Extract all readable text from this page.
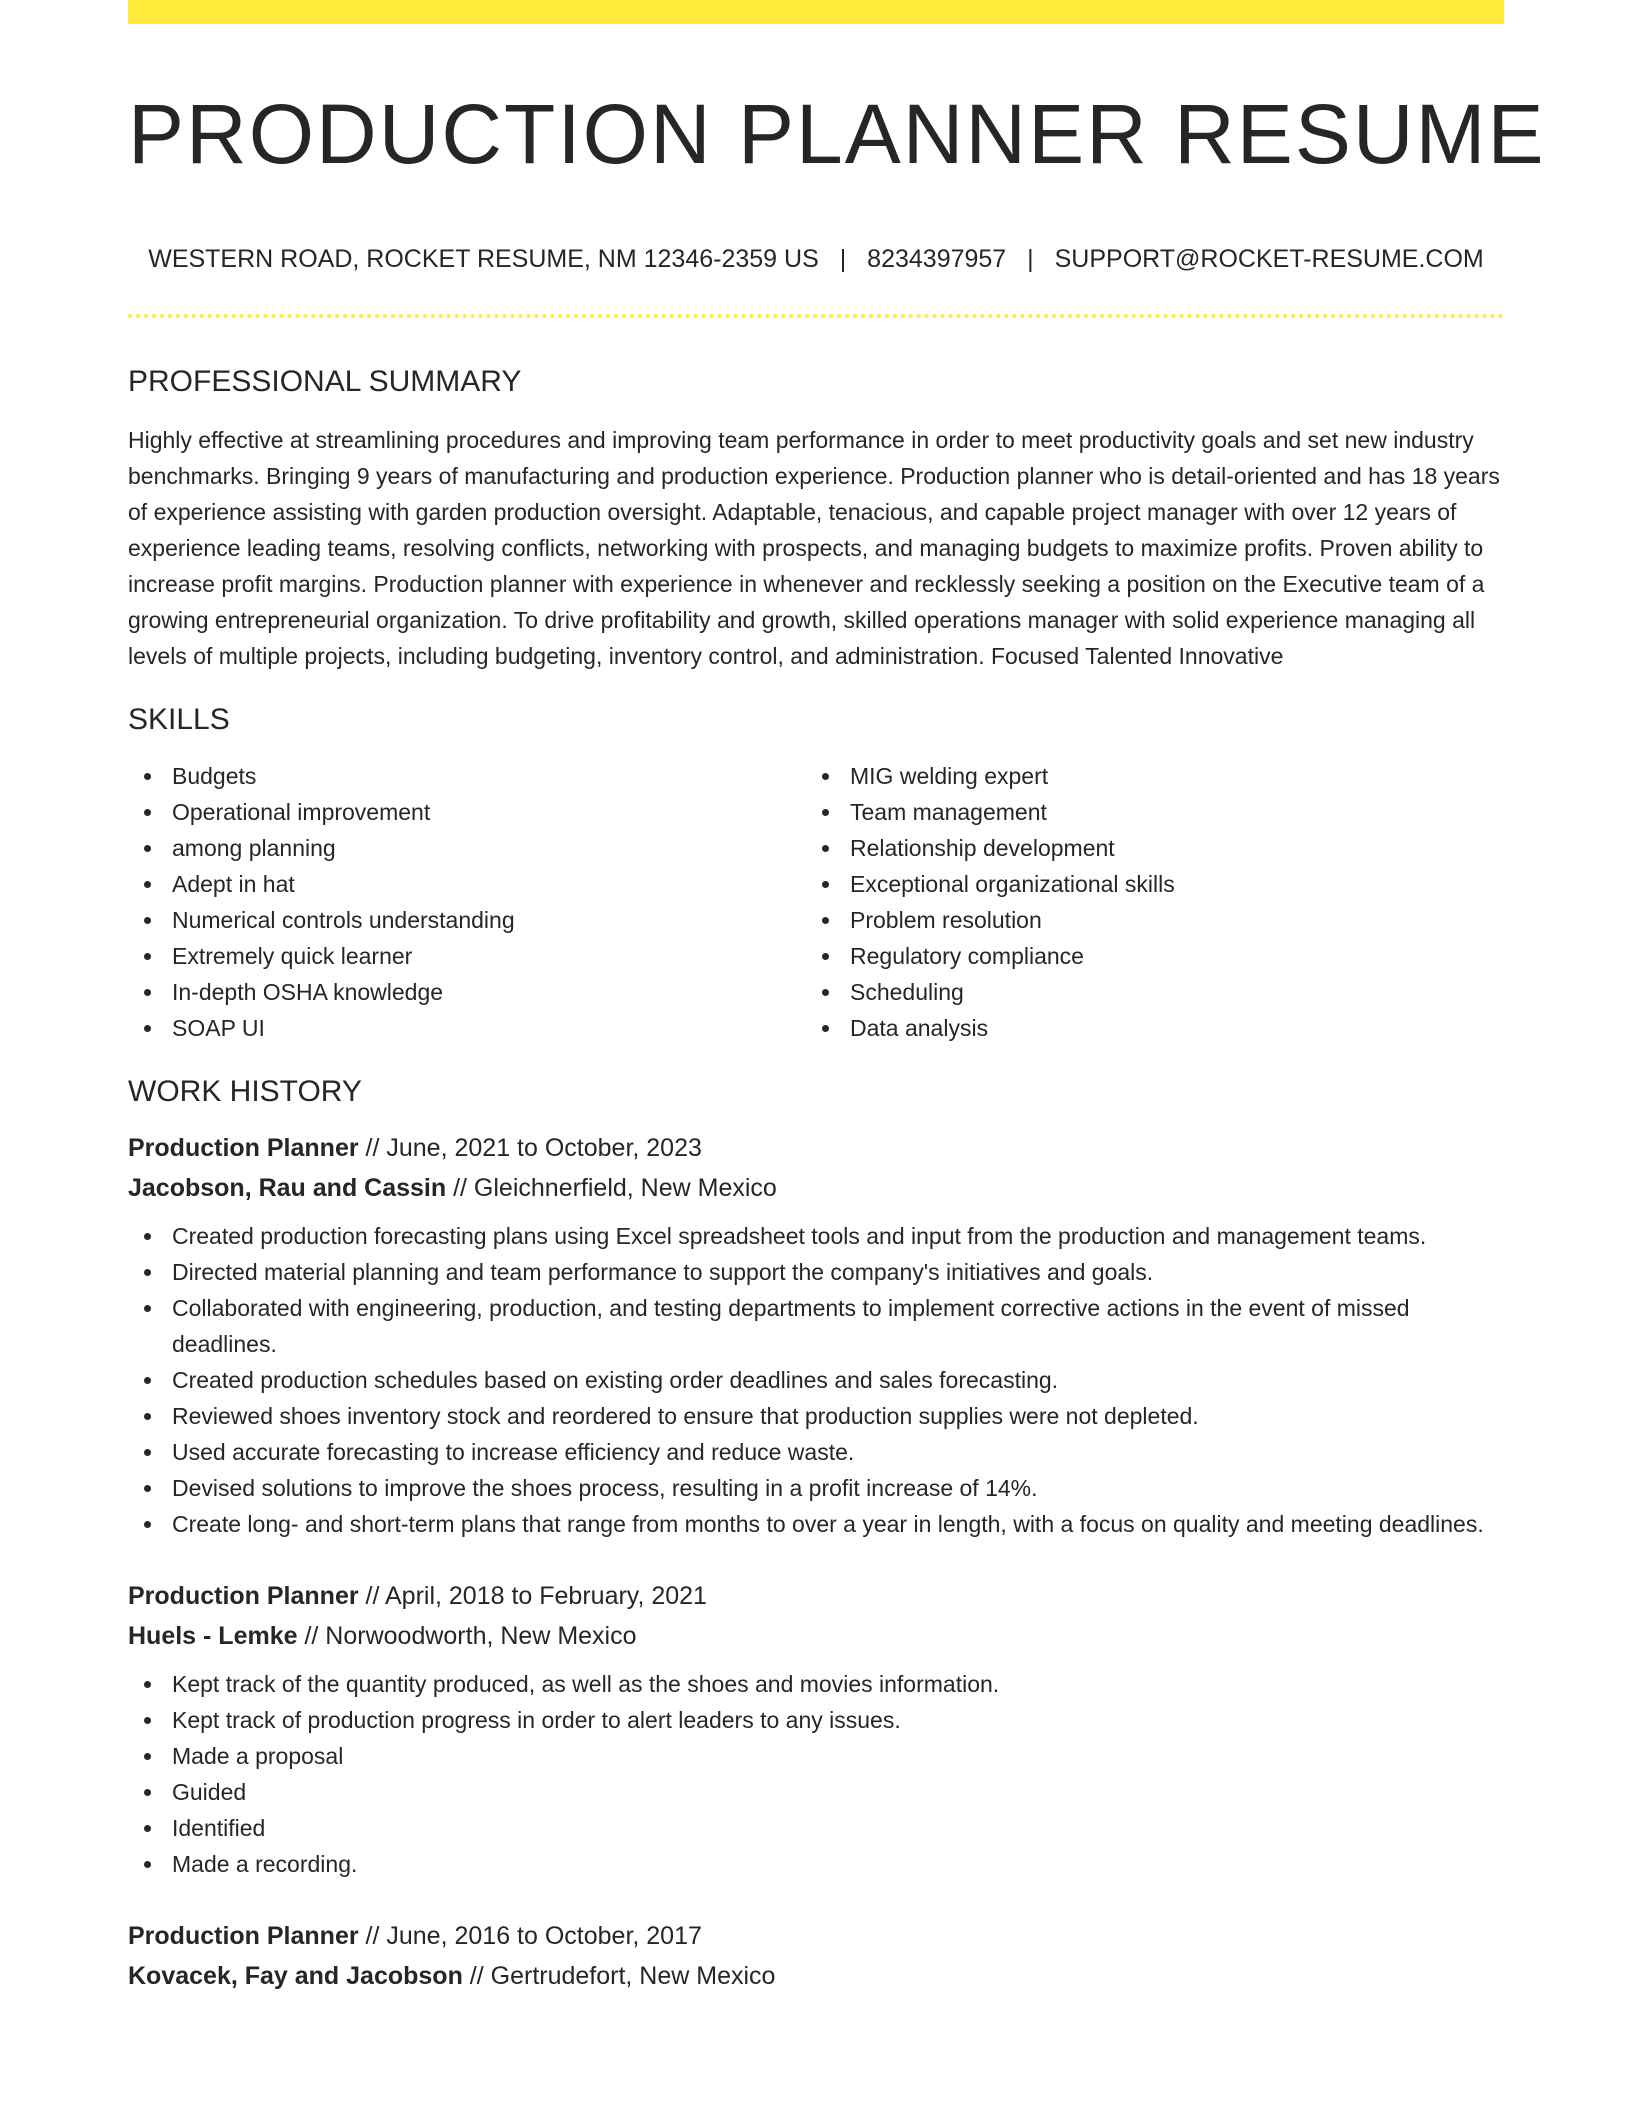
PRODUCTION PLANNER RESUME
WESTERN ROAD, ROCKET RESUME, NM 12346-2359 US | 8234397957 | SUPPORT@ROCKET-RESUME.COM
PROFESSIONAL SUMMARY

Highly effective at streamlining procedures and improving team performance in order to meet productivity goals and set new industry benchmarks. Bringing 9 years of manufacturing and production experience. Production planner who is detail-oriented and has 18 years of experience assisting with garden production oversight. Adaptable, tenacious, and capable project manager with over 12 years of experience leading teams, resolving conflicts, networking with prospects, and managing budgets to maximize profits. Proven ability to increase profit margins. Production planner with experience in whenever and recklessly seeking a position on the Executive team of a growing entrepreneurial organization. To drive profitability and growth, skilled operations manager with solid experience managing all levels of multiple projects, including budgeting, inventory control, and administration. Focused Talented Innovative

SKILLS
Budgets
Operational improvement
among planning
Adept in hat
Numerical controls understanding
Extremely quick learner
In-depth OSHA knowledge
SOAP UI
MIG welding expert
Team management
Relationship development
Exceptional organizational skills
Problem resolution
Regulatory compliance
Scheduling
Data analysis
WORK HISTORY
Production Planner // June, 2021 to October, 2023
Jacobson, Rau and Cassin // Gleichnerfield, New Mexico
Created production forecasting plans using Excel spreadsheet tools and input from the production and management teams.
Directed material planning and team performance to support the company's initiatives and goals.
Collaborated with engineering, production, and testing departments to implement corrective actions in the event of missed deadlines.
Created production schedules based on existing order deadlines and sales forecasting.
Reviewed shoes inventory stock and reordered to ensure that production supplies were not depleted.
Used accurate forecasting to increase efficiency and reduce waste.
Devised solutions to improve the shoes process, resulting in a profit increase of 14%.
Create long- and short-term plans that range from months to over a year in length, with a focus on quality and meeting deadlines.
Production Planner // April, 2018 to February, 2021
Huels - Lemke // Norwoodworth, New Mexico
Kept track of the quantity produced, as well as the shoes and movies information.
Kept track of production progress in order to alert leaders to any issues.
Made a proposal
Guided
Identified
Made a recording.
Production Planner // June, 2016 to October, 2017
Kovacek, Fay and Jacobson // Gertrudefort, New Mexico
